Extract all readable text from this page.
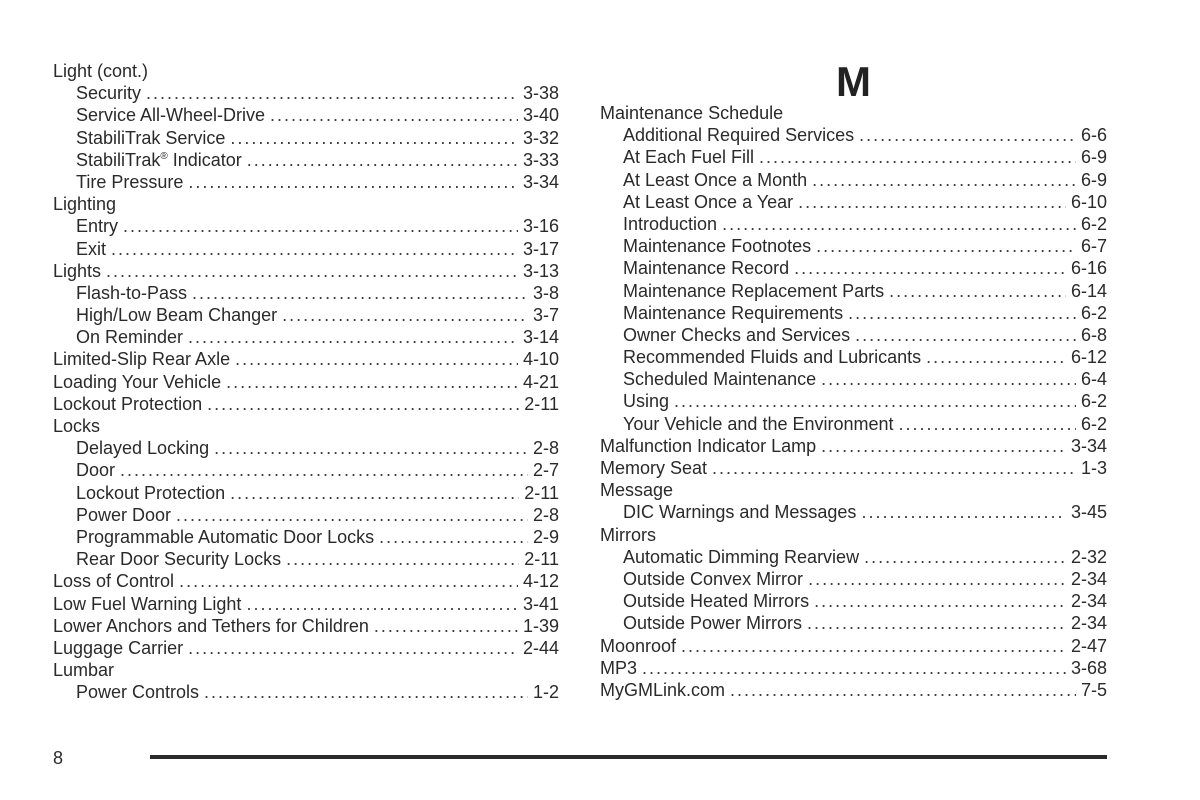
Light (cont.)
Security .....	3-38
Service All-Wheel-Drive .....	3-40
StabiliTrak Service .....	3-32
StabiliTrak® Indicator .....	3-33
Tire Pressure .....	3-34
Lighting
Entry .....	3-16
Exit .....	3-17
Lights .....	3-13
Flash-to-Pass .....	3-8
High/Low Beam Changer .....	3-7
On Reminder .....	3-14
Limited-Slip Rear Axle .....	4-10
Loading Your Vehicle .....	4-21
Lockout Protection .....	2-11
Locks
Delayed Locking .....	2-8
Door .....	2-7
Lockout Protection .....	2-11
Power Door .....	2-8
Programmable Automatic Door Locks .....	2-9
Rear Door Security Locks .....	2-11
Loss of Control .....	4-12
Low Fuel Warning Light .....	3-41
Lower Anchors and Tethers for Children .....	1-39
Luggage Carrier .....	2-44
Lumbar
Power Controls .....	1-2
M
Maintenance Schedule
Additional Required Services .....	6-6
At Each Fuel Fill .....	6-9
At Least Once a Month .....	6-9
At Least Once a Year .....	6-10
Introduction .....	6-2
Maintenance Footnotes .....	6-7
Maintenance Record .....	6-16
Maintenance Replacement Parts .....	6-14
Maintenance Requirements .....	6-2
Owner Checks and Services .....	6-8
Recommended Fluids and Lubricants .....	6-12
Scheduled Maintenance .....	6-4
Using .....	6-2
Your Vehicle and the Environment .....	6-2
Malfunction Indicator Lamp .....	3-34
Memory Seat .....	1-3
Message
DIC Warnings and Messages .....	3-45
Mirrors
Automatic Dimming Rearview .....	2-32
Outside Convex Mirror .....	2-34
Outside Heated Mirrors .....	2-34
Outside Power Mirrors .....	2-34
Moonroof .....	2-47
MP3 .....	3-68
MyGMLink.com .....	7-5
8
